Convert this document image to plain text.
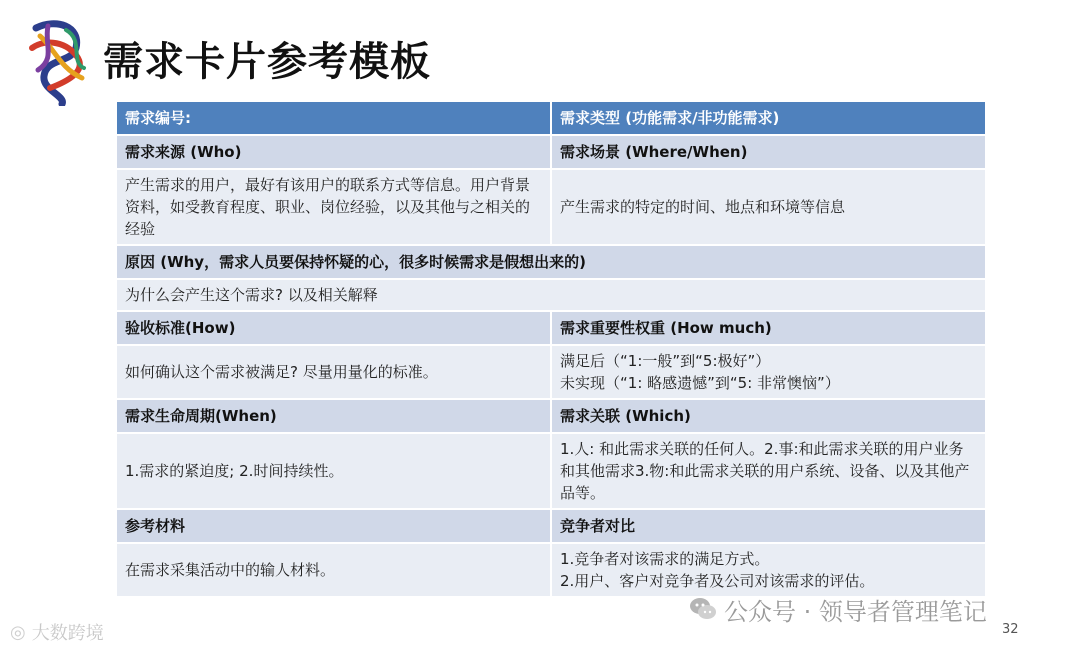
需求卡片参考模板
需求编号:	需求类型 (功能需求/非功能需求)
需求来源 (Who)	需求场景 (Where/When)
产生需求的用户，最好有该用户的联系方式等信息。用户背景资料，如受教育程度、职业、岗位经验，以及其他与之相关的经验	产生需求的特定的时间、地点和环境等信息
原因 (Why，需求人员要保持怀疑的心，很多时候需求是假想出来的)	
为什么会产生这个需求? 以及相关解释	
验收标准(How)	需求重要性权重 (How much)
如何确认这个需求被满足? 尽量用量化的标准。	满足后（“1:一般”到“5:极好”）
未实现（“1: 略感遗憾”到“5: 非常懊恼”）

需求生命周期(When)	需求关联 (Which)
1.需求的紧迫度; 2.时间持续性。	1.人: 和此需求关联的任何人。2.事:和此需求关联的用户业务和其他需求3.物:和此需求关联的用户系统、设备、以及其他产品等。
参考材料	竞争者对比
在需求采集活动中的输人材料。	1.竞争者对该需求的满足方式。
2.用户、客户对竞争者及公司对该需求的评估。
◎ 大数跨境
公众号 · 领导者管理笔记
32
